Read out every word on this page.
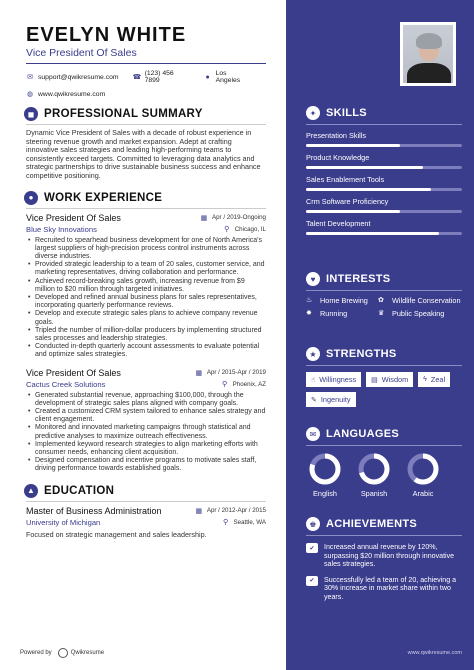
EVELYN WHITE
Vice President Of Sales
✉ support@qwikresume.com ☎
(123) 456 7899	● Los Angeles
◍ www.qwikresume.com
◼ PROFESSIONAL SUMMARY
Dynamic Vice President of Sales with a decade of robust experience in steering revenue growth and market expansion. Adept at crafting innovative sales strategies and leading high-performing teams to consistently exceed targets. Committed to leveraging data analytics and strategic partnerships to drive sustainable business success and enhance competitive positioning.
● WORK EXPERIENCE
Vice President Of Sales	▦ Apr / 2019-Ongoing
Blue Sky Innovations	⚲ Chicago, IL
• Recruited to spearhead business development for one of North America's largest suppliers of high-precision process control instruments across diverse industries.
• Provided strategic leadership to a team of 20 sales, customer service, and marketing representatives, driving collaboration and performance.
• Achieved record-breaking sales growth, increasing revenue from $9 million to $20 million through targeted initiatives.
• Developed and refined annual business plans for sales representatives, incorporating quarterly performance reviews.
• Develop and execute strategic sales plans to achieve company revenue goals.
• Tripled the number of million-dollar producers by implementing structured sales processes and leadership strategies.
• Conducted in-depth quarterly account assessments to evaluate potential and optimize sales strategies.
Vice President Of Sales	▦ Apr / 2015-Apr / 2019
Cactus Creek Solutions	⚲ Phoenix, AZ
• Generated substantial revenue, approaching $100,000, through the development of strategic sales plans aligned with company goals.
• Created a customized CRM system tailored to enhance sales strategy and client engagement.
• Monitored and innovated marketing campaigns through statistical and predictive analyses to maximize outreach effectiveness.
• Implemented keyword research strategies to align marketing efforts with consumer needs, enhancing client acquisition.
• Designed compensation and incentive programs to motivate sales staff, driving performance towards established goals.
▲ EDUCATION
Master of Business Administration	▦ Apr / 2012-Apr / 2015
University of Michigan	⚲ Seattle, WA
Focused on strategic management and sales leadership.
Powered by	Qwikresume
✦ SKILLS
Presentation Skills
Product Knowledge
Sales Enablement Tools
Crm Software Proficiency
Talent Development
♥ INTERESTS
♨	Home Brewing ✿	Wildlife Conservation
✸	Running	♛	Public Speaking
★ STRENGTHS
☝ Willingness ▤ Wisdom ϟ Zeal
✎ Ingenuity
✉ LANGUAGES
English	Spanish	Arabic
♚ ACHIEVEMENTS
✔	Increased annual revenue by 120%, surpassing $20 million through innovative sales strategies.
✔	Successfully led a team of 20, achieving a 30% increase in market share within two years.
www.qwikresume.com
